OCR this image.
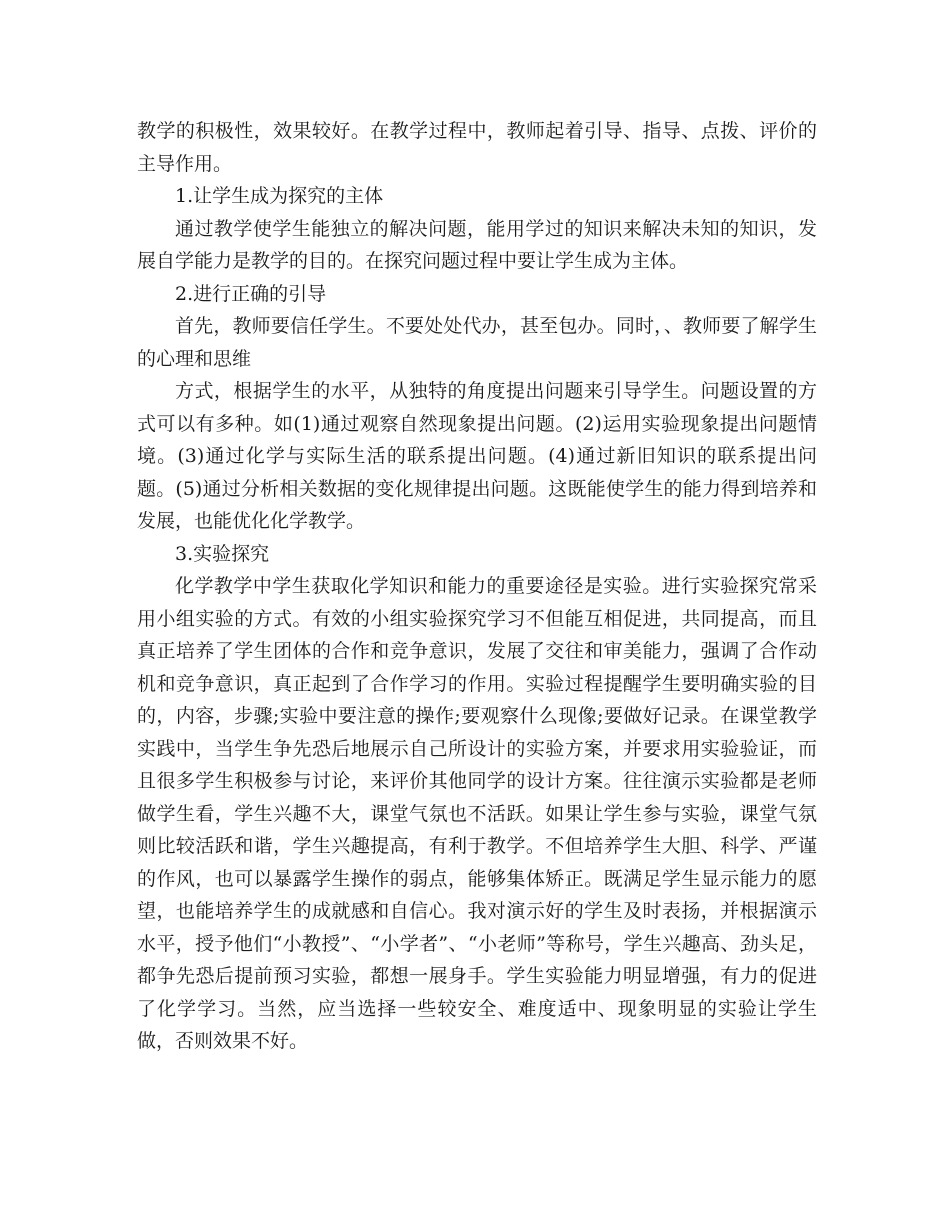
教学的积极性，效果较好。在教学过程中，教师起着引导、指导、点拨、评价的主导作用。

1.让学生成为探究的主体

通过教学使学生能独立的解决问题，能用学过的知识来解决未知的知识，发展自学能力是教学的目的。在探究问题过程中要让学生成为主体。

2.进行正确的引导

首先，教师要信任学生。不要处处代办，甚至包办。同时，、教师要了解学生的心理和思维

方式，根据学生的水平，从独特的角度提出问题来引导学生。问题设置的方式可以有多种。如(1)通过观察自然现象提出问题。(2)运用实验现象提出问题情境。(3)通过化学与实际生活的联系提出问题。(4)通过新旧知识的联系提出问题。(5)通过分析相关数据的变化规律提出问题。这既能使学生的能力得到培养和发展，也能优化化学教学。

3.实验探究

化学教学中学生获取化学知识和能力的重要途径是实验。进行实验探究常采用小组实验的方式。有效的小组实验探究学习不但能互相促进，共同提高，而且真正培养了学生团体的合作和竞争意识，发展了交往和审美能力，强调了合作动机和竞争意识，真正起到了合作学习的作用。实验过程提醒学生要明确实验的目的，内容，步骤;实验中要注意的操作;要观察什么现像;要做好记录。在课堂教学实践中，当学生争先恐后地展示自己所设计的实验方案，并要求用实验验证，而且很多学生积极参与讨论，来评价其他同学的设计方案。往往演示实验都是老师做学生看，学生兴趣不大，课堂气氛也不活跃。如果让学生参与实验，课堂气氛则比较活跃和谐，学生兴趣提高，有利于教学。不但培养学生大胆、科学、严谨的作风，也可以暴露学生操作的弱点，能够集体矫正。既满足学生显示能力的愿望，也能培养学生的成就感和自信心。我对演示好的学生及时表扬，并根据演示水平，授予他们“小教授”、“小学者”、“小老师”等称号，学生兴趣高、劲头足，都争先恐后提前预习实验，都想一展身手。学生实验能力明显增强，有力的促进了化学学习。当然，应当选择一些较安全、难度适中、现象明显的实验让学生做，否则效果不好。
